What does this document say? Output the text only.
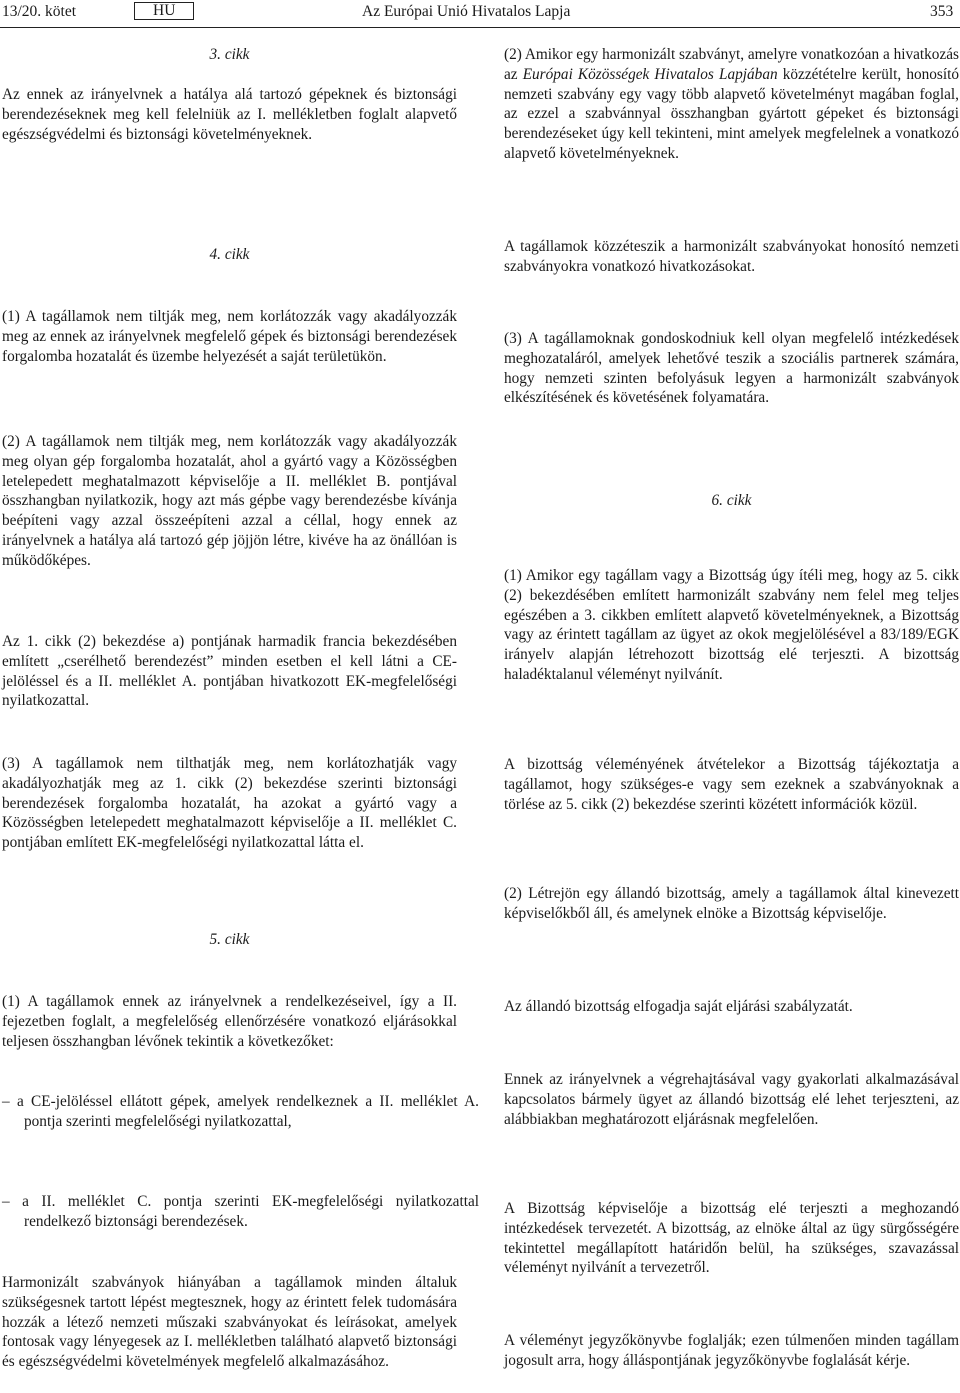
13/20. kötet	HU	Az Európai Unió Hivatalos Lapja	353

3. cikk

Az ennek az irányelvnek a hatálya alá tartozó gépeknek és biztonsági berendezéseknek meg kell felelniük az I. mellékletben foglalt alapvető egészségvédelmi és biztonsági követelményeknek.

4. cikk

(1) A tagállamok nem tiltják meg, nem korlátozzák vagy akadályozzák meg az ennek az irányelvnek megfelelő gépek és biztonsági berendezések forgalomba hozatalát és üzembe helyezését a saját területükön.

(2) A tagállamok nem tiltják meg, nem korlátozzák vagy akadályozzák meg olyan gép forgalomba hozatalát, ahol a gyártó vagy a Közösségben letelepedett meghatalmazott képviselője a II. melléklet B. pontjával összhangban nyilatkozik, hogy azt más gépbe vagy berendezésbe kívánja beépíteni vagy azzal összeépíteni azzal a céllal, hogy ennek az irányelvnek a hatálya alá tartozó gép jöjjön létre, kivéve ha az önállóan is működőképes.

Az 1. cikk (2) bekezdése a) pontjának harmadik francia bekezdésében említett „cserélhető berendezést” minden esetben el kell látni a CE-jelöléssel és a II. melléklet A. pontjában hivatkozott EK-megfelelőségi nyilatkozattal.

(3) A tagállamok nem tilthatják meg, nem korlátozhatják vagy akadályozhatják meg az 1. cikk (2) bekezdése szerinti biztonsági berendezések forgalomba hozatalát, ha azokat a gyártó vagy a Közösségben letelepedett meghatalmazott képviselője a II. melléklet C. pontjában említett EK-megfelelőségi nyilatkozattal látta el.

5. cikk

(1) A tagállamok ennek az irányelvnek a rendelkezéseivel, így a II. fejezetben foglalt, a megfelelőség ellenőrzésére vonatkozó eljárásokkal teljesen összhangban lévőnek tekintik a következőket:

– a CE-jelöléssel ellátott gépek, amelyek rendelkeznek a II. melléklet A. pontja szerinti megfelelőségi nyilatkozattal,

– a II. melléklet C. pontja szerinti EK-megfelelőségi nyilatkozattal rendelkező biztonsági berendezések.

Harmonizált szabványok hiányában a tagállamok minden általuk szükségesnek tartott lépést megtesznek, hogy az érintett felek tudomására hozzák a létező nemzeti műszaki szabványokat és leírásokat, amelyek fontosak vagy lényegesek az I. mellékletben található alapvető biztonsági és egészségvédelmi követelmények megfelelő alkalmazásához.

(2) Amikor egy harmonizált szabványt, amelyre vonatkozóan a hivatkozás az Európai Közösségek Hivatalos Lapjában közzétételre került, honosító nemzeti szabvány egy vagy több alapvető követelményt magában foglal, az ezzel a szabvánnyal összhangban gyártott gépeket és biztonsági berendezéseket úgy kell tekinteni, mint amelyek megfelelnek a vonatkozó alapvető követelményeknek.

A tagállamok közzéteszik a harmonizált szabványokat honosító nemzeti szabványokra vonatkozó hivatkozásokat.

(3) A tagállamoknak gondoskodniuk kell olyan megfelelő intézkedések meghozataláról, amelyek lehetővé teszik a szociális partnerek számára, hogy nemzeti szinten befolyásuk legyen a harmonizált szabványok elkészítésének és követésének folyamatára.

6. cikk

(1) Amikor egy tagállam vagy a Bizottság úgy ítéli meg, hogy az 5. cikk (2) bekezdésében említett harmonizált szabvány nem felel meg teljes egészében a 3. cikkben említett alapvető követelményeknek, a Bizottság vagy az érintett tagállam az ügyet az okok megjelölésével a 83/189/EGK irányelv alapján létrehozott bizottság elé terjeszti. A bizottság haladéktalanul véleményt nyilvánít.

A bizottság véleményének átvételekor a Bizottság tájékoztatja a tagállamot, hogy szükséges-e vagy sem ezeknek a szabványoknak a törlése az 5. cikk (2) bekezdése szerinti közétett információk közül.

(2) Létrejön egy állandó bizottság, amely a tagállamok által kinevezett képviselőkből áll, és amelynek elnöke a Bizottság képviselője.

Az állandó bizottság elfogadja saját eljárási szabályzatát.

Ennek az irányelvnek a végrehajtásával vagy gyakorlati alkalmazásával kapcsolatos bármely ügyet az állandó bizottság elé lehet terjeszteni, az alábbiakban meghatározott eljárásnak megfelelően.

A Bizottság képviselője a bizottság elé terjeszti a meghozandó intézkedések tervezetét. A bizottság, az elnöke által az ügy sürgősségére tekintettel megállapított határidőn belül, ha szükséges, szavazással véleményt nyilvánít a tervezetről.

A véleményt jegyzőkönyvbe foglalják; ezen túlmenően minden tagállam jogosult arra, hogy álláspontjának jegyzőkönyvbe foglalását kérje.
